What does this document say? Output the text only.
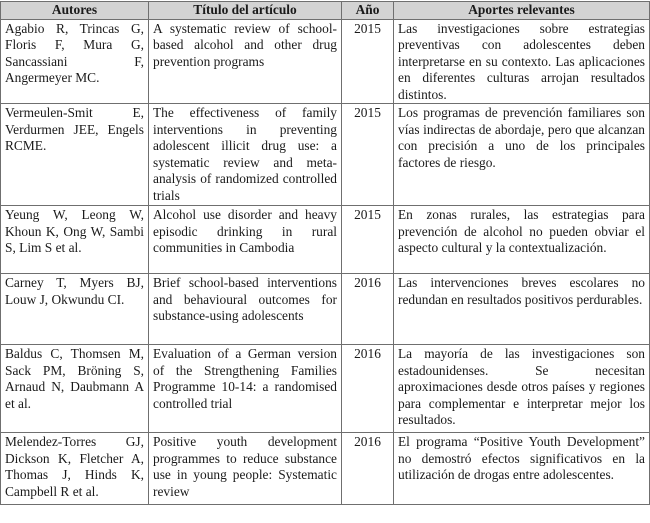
Autores	Título del artículo	Año	Aportes relevantes
Agabio R, Trincas G, Floris F, Mura G, Sancassiani F, Angermeyer MC.	A systematic review of school-based alcohol and other drug prevention programs	2015	Las investigaciones sobre estrategias preventivas con adolescentes deben interpretarse en su contexto. Las aplicaciones en diferentes culturas arrojan resultados distintos.
Vermeulen-Smit E, Verdurmen JEE, Engels RCME.	The effectiveness of family interventions in preventing adolescent illicit drug use: a systematic review and meta-analysis of randomized controlled trials	2015	Los programas de prevención familiares son vías indirectas de abordaje, pero que alcanzan con precisión a uno de los principales factores de riesgo.
Yeung W, Leong W, Khoun K, Ong W, Sambi S, Lim S et al.	Alcohol use disorder and heavy episodic drinking in rural communities in Cambodia	2015	En zonas rurales, las estrategias para prevención de alcohol no pueden obviar el aspecto cultural y la contextualización.
Carney T, Myers BJ, Louw J, Okwundu CI.	Brief school-based interventions and behavioural outcomes for substance-using adolescents	2016	Las intervenciones breves escolares no redundan en resultados positivos perdurables.
Baldus C, Thomsen M, Sack PM, Bröning S, Arnaud N, Daubmann A et al.	Evaluation of a German version of the Strengthening Families Programme 10-14: a randomised controlled trial	2016	La mayoría de las investigaciones son estadounidenses. Se necesitan aproximaciones desde otros países y regiones para complementar e interpretar mejor los resultados.
Melendez-Torres GJ, Dickson K, Fletcher A, Thomas J, Hinds K, Campbell R et al.	Positive youth development programmes to reduce substance use in young people: Systematic review	2016	El programa “Positive Youth Development” no demostró efectos significativos en la utilización de drogas entre adolescentes.
